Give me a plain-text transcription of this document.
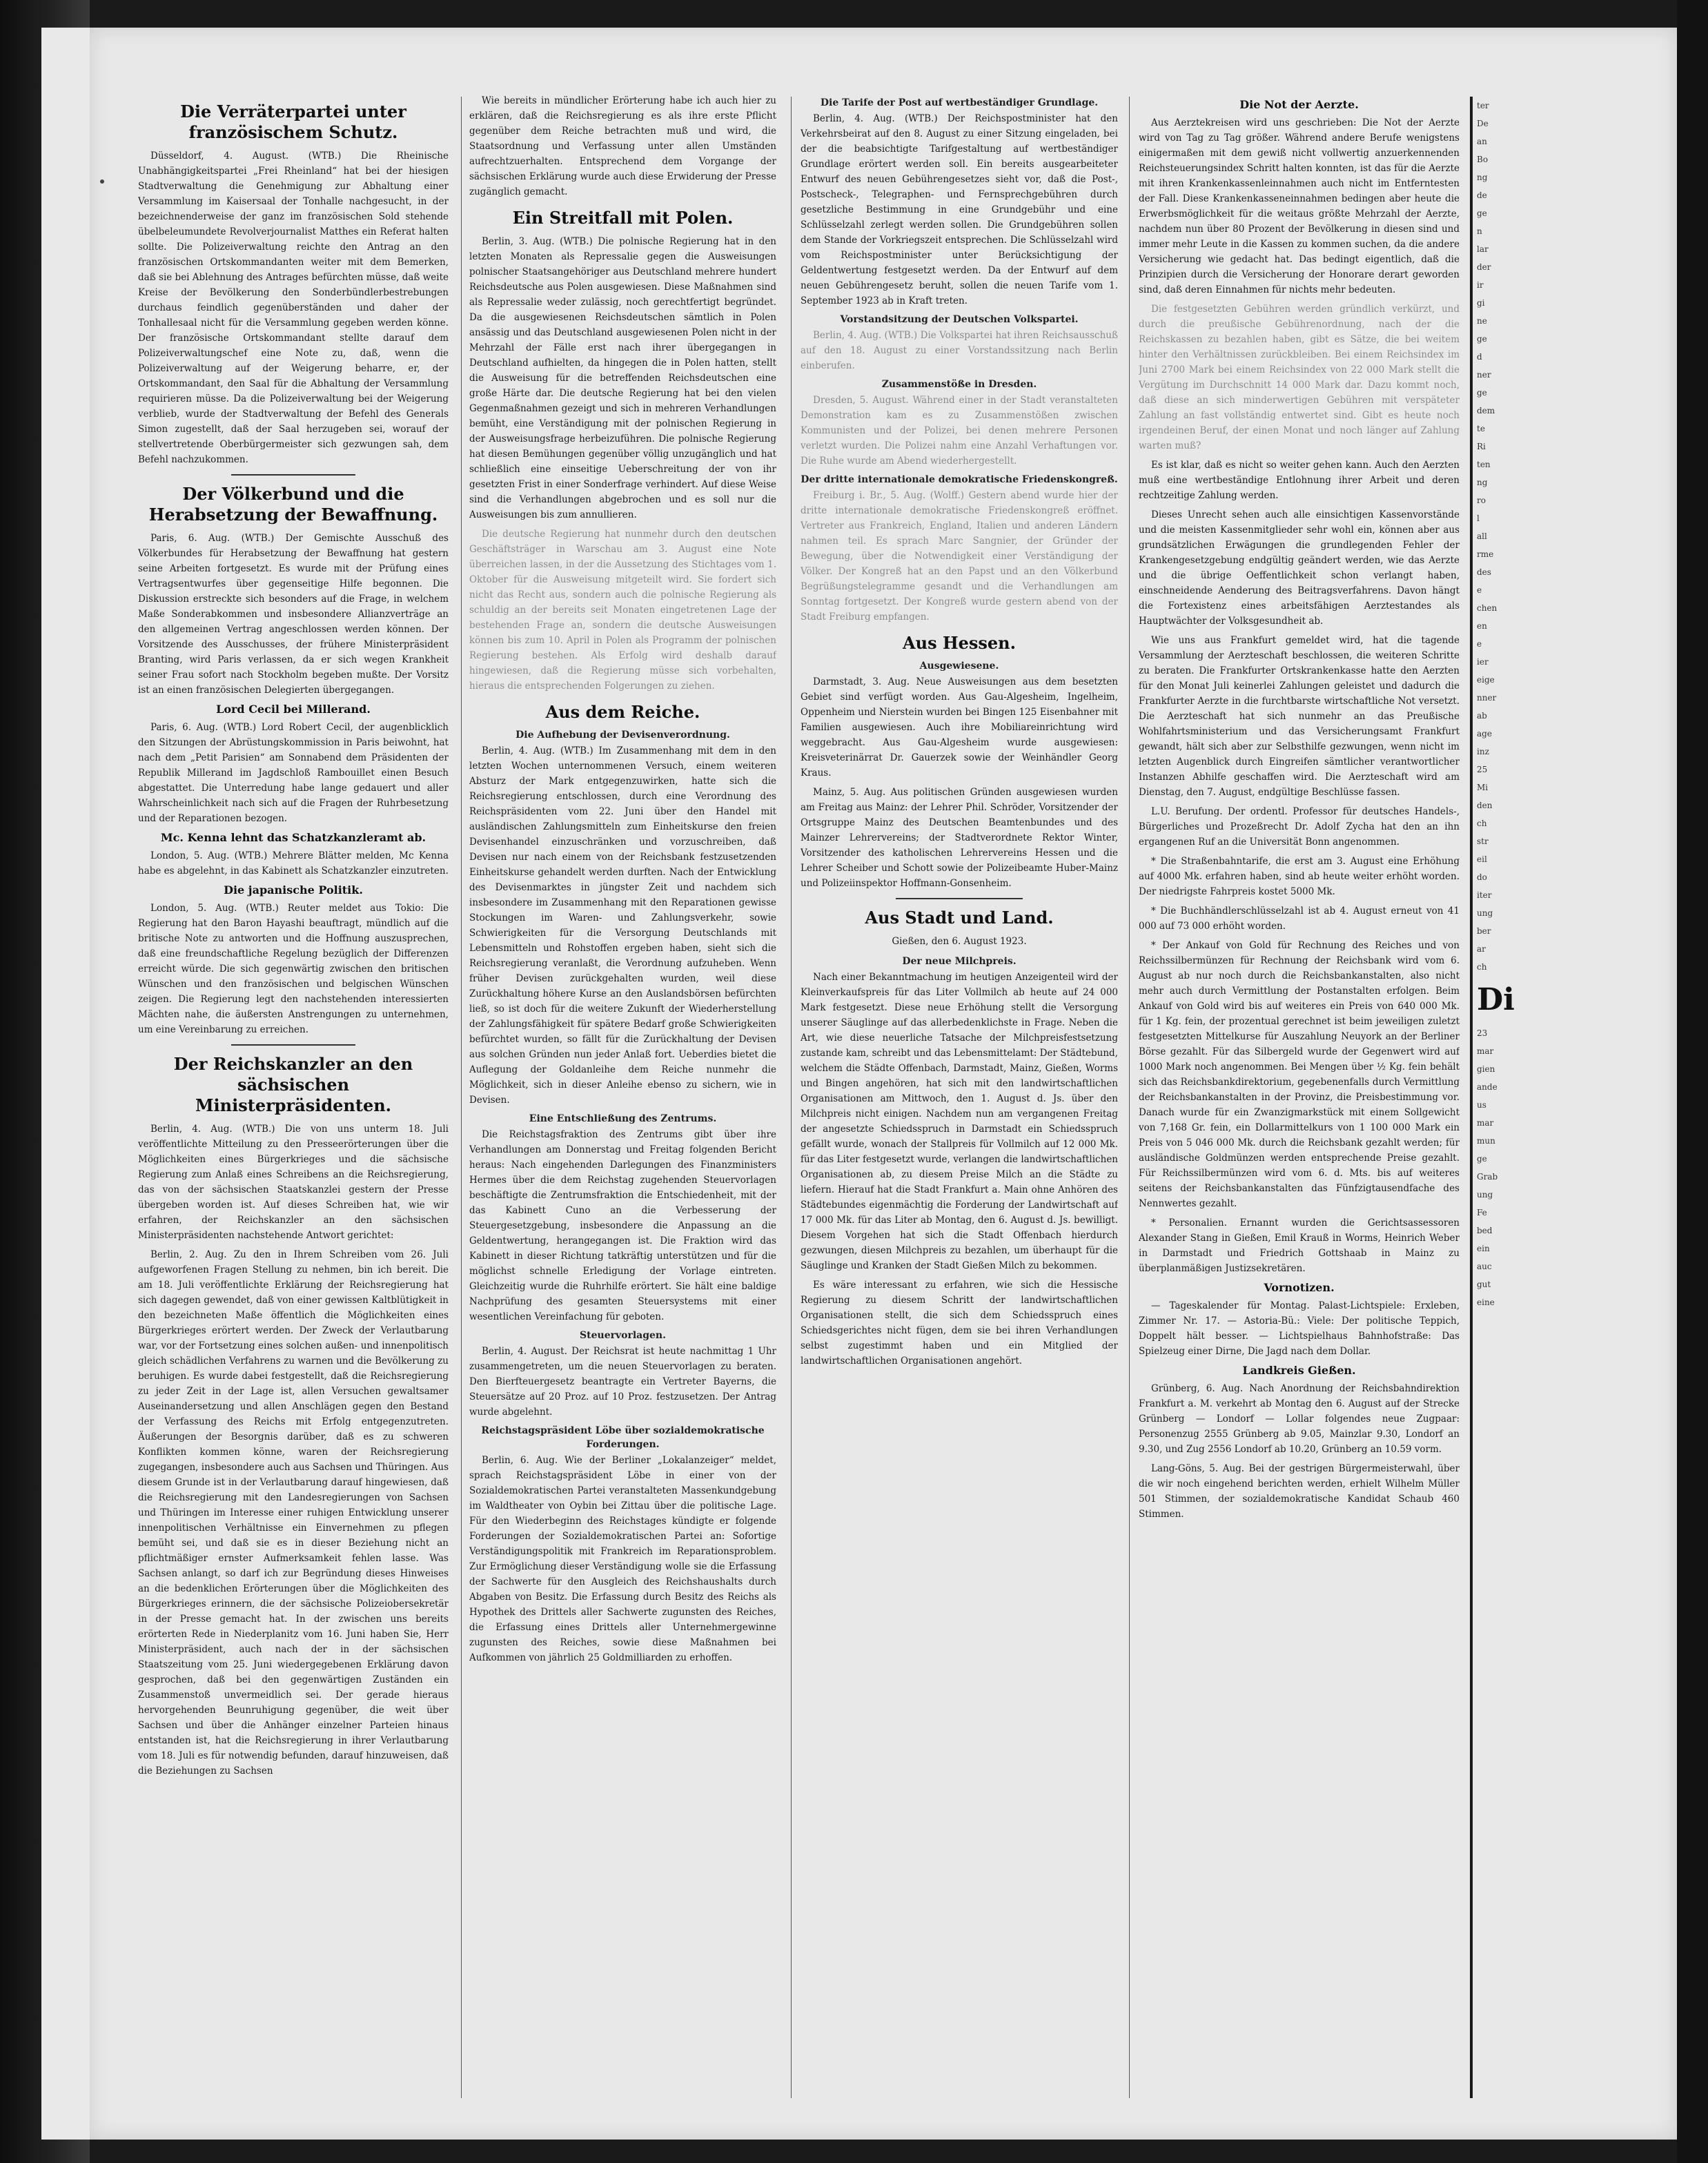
Die Verräterpartei unter französischem Schutz.

Düsseldorf, 4. August. (WTB.) Die Rheinische Unabhängigkeitspartei „Frei Rheinland“ hat bei der hiesigen Stadtverwaltung die Genehmigung zur Abhaltung einer Versammlung im Kaisersaal der Tonhalle nachgesucht, in der bezeichnenderweise der ganz im französischen Sold stehende übelbeleumundete Revolverjournalist Matthes ein Referat halten sollte. Die Polizeiverwaltung reichte den Antrag an den französischen Ortskommandanten weiter mit dem Bemerken, daß sie bei Ablehnung des Antrages befürchten müsse, daß weite Kreise der Bevölkerung den Sonderbündlerbestrebungen durchaus feindlich gegenüberständen und daher der Tonhallesaal nicht für die Versammlung gegeben werden könne. Der französische Ortskommandant stellte darauf dem Polizeiverwaltungschef eine Note zu, daß, wenn die Polizeiverwaltung auf der Weigerung beharre, er, der Ortskommandant, den Saal für die Abhaltung der Versammlung requirieren müsse. Da die Polizeiverwaltung bei der Weigerung verblieb, wurde der Stadtverwaltung der Befehl des Generals Simon zugestellt, daß der Saal herzugeben sei, worauf der stellvertretende Oberbürgermeister sich gezwungen sah, dem Befehl nachzukommen.

Der Völkerbund und die Herabsetzung der Bewaffnung.

Paris, 6. Aug. (WTB.) Der Gemischte Ausschuß des Völkerbundes für Herabsetzung der Bewaffnung hat gestern seine Arbeiten fortgesetzt. Es wurde mit der Prüfung eines Vertragsentwurfes über gegenseitige Hilfe begonnen. Die Diskussion erstreckte sich besonders auf die Frage, in welchem Maße Sonderabkommen und insbesondere Allianzverträge an den allgemeinen Vertrag angeschlossen werden können. Der Vorsitzende des Ausschusses, der frühere Ministerpräsident Branting, wird Paris verlassen, da er sich wegen Krankheit seiner Frau sofort nach Stockholm begeben mußte. Der Vorsitz ist an einen französischen Delegierten übergegangen.

Lord Cecil bei Millerand.

Paris, 6. Aug. (WTB.) Lord Robert Cecil, der augenblicklich den Sitzungen der Abrüstungskommission in Paris beiwohnt, hat nach dem „Petit Parisien“ am Sonnabend dem Präsidenten der Republik Millerand im Jagdschloß Rambouillet einen Besuch abgestattet. Die Unterredung habe lange gedauert und aller Wahrscheinlichkeit nach sich auf die Fragen der Ruhrbesetzung und der Reparationen bezogen.

Mc. Kenna lehnt das Schatzkanzleramt ab.

London, 5. Aug. (WTB.) Mehrere Blätter melden, Mc Kenna habe es abgelehnt, in das Kabinett als Schatzkanzler einzutreten.

Die japanische Politik.

London, 5. Aug. (WTB.) Reuter meldet aus Tokio: Die Regierung hat den Baron Hayashi beauftragt, mündlich auf die britische Note zu antworten und die Hoffnung auszusprechen, daß eine freundschaftliche Regelung bezüglich der Differenzen erreicht würde. Die sich gegenwärtig zwischen den britischen Wünschen und den französischen und belgischen Wünschen zeigen. Die Regierung legt den nachstehenden interessierten Mächten nahe, die äußersten Anstrengungen zu unternehmen, um eine Vereinbarung zu erreichen.

Der Reichskanzler an den sächsischen Ministerpräsidenten.

Berlin, 4. Aug. (WTB.) Die von uns unterm 18. Juli veröffentlichte Mitteilung zu den Presseerörterungen über die Möglichkeiten eines Bürgerkrieges und die sächsische Regierung zum Anlaß eines Schreibens an die Reichsregierung, das von der sächsischen Staatskanzlei gestern der Presse übergeben worden ist. Auf dieses Schreiben hat, wie wir erfahren, der Reichskanzler an den sächsischen Ministerpräsidenten nachstehende Antwort gerichtet:

Berlin, 2. Aug. Zu den in Ihrem Schreiben vom 26. Juli aufgeworfenen Fragen Stellung zu nehmen, bin ich bereit. Die am 18. Juli veröffentlichte Erklärung der Reichsregierung hat sich dagegen gewendet, daß von einer gewissen Kaltblütigkeit in den bezeichneten Maße öffentlich die Möglichkeiten eines Bürgerkrieges erörtert werden. Der Zweck der Verlautbarung war, vor der Fortsetzung eines solchen außen- und innenpolitisch gleich schädlichen Verfahrens zu warnen und die Bevölkerung zu beruhigen. Es wurde dabei festgestellt, daß die Reichsregierung zu jeder Zeit in der Lage ist, allen Versuchen gewaltsamer Auseinandersetzung und allen Anschlägen gegen den Bestand der Verfassung des Reichs mit Erfolg entgegenzutreten. Äußerungen der Besorgnis darüber, daß es zu schweren Konflikten kommen könne, waren der Reichsregierung zugegangen, insbesondere auch aus Sachsen und Thüringen. Aus diesem Grunde ist in der Verlautbarung darauf hingewiesen, daß die Reichsregierung mit den Landesregierungen von Sachsen und Thüringen im Interesse einer ruhigen Entwicklung unserer innenpolitischen Verhältnisse ein Einvernehmen zu pflegen bemüht sei, und daß sie es in dieser Beziehung nicht an pflichtmäßiger ernster Aufmerksamkeit fehlen lasse. Was Sachsen anlangt, so darf ich zur Begründung dieses Hinweises an die bedenklichen Erörterungen über die Möglichkeiten des Bürgerkrieges erinnern, die der sächsische Polizeiobersekretär in der Presse gemacht hat. In der zwischen uns bereits erörterten Rede in Niederplanitz vom 16. Juni haben Sie, Herr Ministerpräsident, auch nach der in der sächsischen Staatszeitung vom 25. Juni wiedergegebenen Erklärung davon gesprochen, daß bei den gegenwärtigen Zuständen ein Zusammenstoß unvermeidlich sei. Der gerade hieraus hervorgehenden Beunruhigung gegenüber, die weit über Sachsen und über die Anhänger einzelner Parteien hinaus entstanden ist, hat die Reichsregierung in ihrer Verlautbarung vom 18. Juli es für notwendig befunden, darauf hinzuweisen, daß die Beziehungen zu Sachsen

Wie bereits in mündlicher Erörterung habe ich auch hier zu erklären, daß die Reichsregierung es als ihre erste Pflicht gegenüber dem Reiche betrachten muß und wird, die Staatsordnung und Verfassung unter allen Umständen aufrechtzuerhalten. Entsprechend dem Vorgange der sächsischen Erklärung wurde auch diese Erwiderung der Presse zugänglich gemacht.

Ein Streitfall mit Polen.

Berlin, 3. Aug. (WTB.) Die polnische Regierung hat in den letzten Monaten als Repressalie gegen die Ausweisungen polnischer Staatsangehöriger aus Deutschland mehrere hundert Reichsdeutsche aus Polen ausgewiesen. Diese Maßnahmen sind als Repressalie weder zulässig, noch gerechtfertigt begründet. Da die ausgewiesenen Reichsdeutschen sämtlich in Polen ansässig und das Deutschland ausgewiesenen Polen nicht in der Mehrzahl der Fälle erst nach ihrer übergegangen in Deutschland aufhielten, da hingegen die in Polen hatten, stellt die Ausweisung für die betreffenden Reichsdeutschen eine große Härte dar. Die deutsche Regierung hat bei den vielen Gegenmaßnahmen gezeigt und sich in mehreren Verhandlungen bemüht, eine Verständigung mit der polnischen Regierung in der Ausweisungsfrage herbeizuführen. Die polnische Regierung hat diesen Bemühungen gegenüber völlig unzugänglich und hat schließlich eine einseitige Ueberschreitung der von ihr gesetzten Frist in einer Sonderfrage verhindert. Auf diese Weise sind die Verhandlungen abgebrochen und es soll nur die Ausweisungen bis zum annullieren.

Die deutsche Regierung hat nunmehr durch den deutschen Geschäftsträger in Warschau am 3. August eine Note überreichen lassen, in der die Aussetzung des Stichtages vom 1. Oktober für die Ausweisung mitgeteilt wird. Sie fordert sich nicht das Recht aus, sondern auch die polnische Regierung als schuldig an der bereits seit Monaten eingetretenen Lage der bestehenden Frage an, sondern die deutsche Ausweisungen können bis zum 10. April in Polen als Programm der polnischen Regierung bestehen. Als Erfolg wird deshalb darauf hingewiesen, daß die Regierung müsse sich vorbehalten, hieraus die entsprechenden Folgerungen zu ziehen.

Aus dem Reiche.
Die Aufhebung der Devisenverordnung.

Berlin, 4. Aug. (WTB.) Im Zusammenhang mit dem in den letzten Wochen unternommenen Versuch, einem weiteren Absturz der Mark entgegenzuwirken, hatte sich die Reichsregierung entschlossen, durch eine Verordnung des Reichspräsidenten vom 22. Juni über den Handel mit ausländischen Zahlungsmitteln zum Einheitskurse den freien Devisenhandel einzuschränken und vorzuschreiben, daß Devisen nur nach einem von der Reichsbank festzusetzenden Einheitskurse gehandelt werden durften. Nach der Entwicklung des Devisenmarktes in jüngster Zeit und nachdem sich insbesondere im Zusammenhang mit den Reparationen gewisse Stockungen im Waren- und Zahlungsverkehr, sowie Schwierigkeiten für die Versorgung Deutschlands mit Lebensmitteln und Rohstoffen ergeben haben, sieht sich die Reichsregierung veranlaßt, die Verordnung aufzuheben. Wenn früher Devisen zurückgehalten wurden, weil diese Zurückhaltung höhere Kurse an den Auslandsbörsen befürchten ließ, so ist doch für die weitere Zukunft der Wiederherstellung der Zahlungsfähigkeit für spätere Bedarf große Schwierigkeiten befürchtet wurden, so fällt für die Zurückhaltung der Devisen aus solchen Gründen nun jeder Anlaß fort. Ueberdies bietet die Auflegung der Goldanleihe dem Reiche nunmehr die Möglichkeit, sich in dieser Anleihe ebenso zu sichern, wie in Devisen.

Eine Entschließung des Zentrums.

Die Reichstagsfraktion des Zentrums gibt über ihre Verhandlungen am Donnerstag und Freitag folgenden Bericht heraus: Nach eingehenden Darlegungen des Finanzministers Hermes über die dem Reichstag zugehenden Steuervorlagen beschäftigte die Zentrumsfraktion die Entschiedenheit, mit der das Kabinett Cuno an die Verbesserung der Steuergesetzgebung, insbesondere die Anpassung an die Geldentwertung, herangegangen ist. Die Fraktion wird das Kabinett in dieser Richtung tatkräftig unterstützen und für die möglichst schnelle Erledigung der Vorlage eintreten. Gleichzeitig wurde die Ruhrhilfe erörtert. Sie hält eine baldige Nachprüfung des gesamten Steuersystems mit einer wesentlichen Vereinfachung für geboten.

Steuervorlagen.

Berlin, 4. August. Der Reichsrat ist heute nachmittag 1 Uhr zusammengetreten, um die neuen Steuervorlagen zu beraten. Den Bierfteuergesetz beantragte ein Vertreter Bayerns, die Steuersätze auf 20 Proz. auf 10 Proz. festzusetzen. Der Antrag wurde abgelehnt.

Reichstagspräsident Löbe über sozialdemokratische Forderungen.

Berlin, 6. Aug. Wie der Berliner „Lokalanzeiger“ meldet, sprach Reichstagspräsident Löbe in einer von der Sozialdemokratischen Partei veranstalteten Massenkundgebung im Waldtheater von Oybin bei Zittau über die politische Lage. Für den Wiederbeginn des Reichstages kündigte er folgende Forderungen der Sozialdemokratischen Partei an: Sofortige Verständigungspolitik mit Frankreich im Reparationsproblem. Zur Ermöglichung dieser Verständigung wolle sie die Erfassung der Sachwerte für den Ausgleich des Reichshaushalts durch Abgaben von Besitz. Die Erfassung durch Besitz des Reichs als Hypothek des Drittels aller Sachwerte zugunsten des Reiches, die Erfassung eines Drittels aller Unternehmergewinne zugunsten des Reiches, sowie diese Maßnahmen bei Aufkommen von jährlich 25 Goldmilliarden zu erhoffen.

Die Tarife der Post auf wertbeständiger Grundlage.

Berlin, 4. Aug. (WTB.) Der Reichspostminister hat den Verkehrsbeirat auf den 8. August zu einer Sitzung eingeladen, bei der die beabsichtigte Tarifgestaltung auf wertbeständiger Grundlage erörtert werden soll. Ein bereits ausgearbeiteter Entwurf des neuen Gebührengesetzes sieht vor, daß die Post-, Postscheck-, Telegraphen- und Fernsprechgebühren durch gesetzliche Bestimmung in eine Grundgebühr und eine Schlüsselzahl zerlegt werden sollen. Die Grundgebühren sollen dem Stande der Vorkriegszeit entsprechen. Die Schlüsselzahl wird vom Reichspostminister unter Berücksichtigung der Geldentwertung festgesetzt werden. Da der Entwurf auf dem neuen Gebührengesetz beruht, sollen die neuen Tarife vom 1. September 1923 ab in Kraft treten.

Vorstandsitzung der Deutschen Volkspartei.

Berlin, 4. Aug. (WTB.) Die Volkspartei hat ihren Reichsausschuß auf den 18. August zu einer Vorstandssitzung nach Berlin einberufen.

Zusammenstöße in Dresden.

Dresden, 5. August. Während einer in der Stadt veranstalteten Demonstration kam es zu Zusammenstößen zwischen Kommunisten und der Polizei, bei denen mehrere Personen verletzt wurden. Die Polizei nahm eine Anzahl Verhaftungen vor. Die Ruhe wurde am Abend wiederhergestellt.

Der dritte internationale demokratische Friedenskongreß.

Freiburg i. Br., 5. Aug. (Wolff.) Gestern abend wurde hier der dritte internationale demokratische Friedenskongreß eröffnet. Vertreter aus Frankreich, England, Italien und anderen Ländern nahmen teil. Es sprach Marc Sangnier, der Gründer der Bewegung, über die Notwendigkeit einer Verständigung der Völker. Der Kongreß hat an den Papst und an den Völkerbund Begrüßungstelegramme gesandt und die Verhandlungen am Sonntag fortgesetzt. Der Kongreß wurde gestern abend von der Stadt Freiburg empfangen.

Aus Hessen.
Ausgewiesene.

Darmstadt, 3. Aug. Neue Ausweisungen aus dem besetzten Gebiet sind verfügt worden. Aus Gau-Algesheim, Ingelheim, Oppenheim und Nierstein wurden bei Bingen 125 Eisenbahner mit Familien ausgewiesen. Auch ihre Mobiliareinrichtung wird weggebracht. Aus Gau-Algesheim wurde ausgewiesen: Kreisveterinärrat Dr. Gauerzek sowie der Weinhändler Georg Kraus.

Mainz, 5. Aug. Aus politischen Gründen ausgewiesen wurden am Freitag aus Mainz: der Lehrer Phil. Schröder, Vorsitzender der Ortsgruppe Mainz des Deutschen Beamtenbundes und des Mainzer Lehrervereins; der Stadtverordnete Rektor Winter, Vorsitzender des katholischen Lehrervereins Hessen und die Lehrer Scheiber und Schott sowie der Polizeibeamte Huber-Mainz und Polizeiinspektor Hoffmann-Gonsenheim.

Aus Stadt und Land.
Gießen, den 6. August 1923.
Der neue Milchpreis.

Nach einer Bekanntmachung im heutigen Anzeigenteil wird der Kleinverkaufspreis für das Liter Vollmilch ab heute auf 24 000 Mark festgesetzt. Diese neue Erhöhung stellt die Versorgung unserer Säuglinge auf das allerbedenklichste in Frage. Neben die Art, wie diese neuerliche Tatsache der Milchpreisfestsetzung zustande kam, schreibt und das Lebensmittelamt: Der Städtebund, welchem die Städte Offenbach, Darmstadt, Mainz, Gießen, Worms und Bingen angehören, hat sich mit den landwirtschaftlichen Organisationen am Mittwoch, den 1. August d. Js. über den Milchpreis nicht einigen. Nachdem nun am vergangenen Freitag der angesetzte Schiedsspruch in Darmstadt ein Schiedsspruch gefällt wurde, wonach der Stallpreis für Vollmilch auf 12 000 Mk. für das Liter festgesetzt wurde, verlangen die landwirtschaftlichen Organisationen ab, zu diesem Preise Milch an die Städte zu liefern. Hierauf hat die Stadt Frankfurt a. Main ohne Anhören des Städtebundes eigenmächtig die Forderung der Landwirtschaft auf 17 000 Mk. für das Liter ab Montag, den 6. August d. Js. bewilligt. Diesem Vorgehen hat sich die Stadt Offenbach hierdurch gezwungen, diesen Milchpreis zu bezahlen, um überhaupt für die Säuglinge und Kranken der Stadt Gießen Milch zu bekommen.

Es wäre interessant zu erfahren, wie sich die Hessische Regierung zu diesem Schritt der landwirtschaftlichen Organisationen stellt, die sich dem Schiedsspruch eines Schiedsgerichtes nicht fügen, dem sie bei ihren Verhandlungen selbst zugestimmt haben und ein Mitglied der landwirtschaftlichen Organisationen angehört.

Die Not der Aerzte.

Aus Aerztekreisen wird uns geschrieben: Die Not der Aerzte wird von Tag zu Tag größer. Während andere Berufe wenigstens einigermaßen mit dem gewiß nicht vollwertig anzuerkennenden Reichsteuerungsindex Schritt halten konnten, ist das für die Aerzte mit ihren Krankenkassenleinnahmen auch nicht im Entferntesten der Fall. Diese Krankenkasseneinnahmen bedingen aber heute die Erwerbsmöglichkeit für die weitaus größte Mehrzahl der Aerzte, nachdem nun über 80 Prozent der Bevölkerung in diesen sind und immer mehr Leute in die Kassen zu kommen suchen, da die andere Versicherung wie gedacht hat. Das bedingt eigentlich, daß die Prinzipien durch die Versicherung der Honorare derart geworden sind, daß deren Einnahmen für nichts mehr bedeuten.

Die festgesetzten Gebühren werden gründlich verkürzt, und durch die preußische Gebührenordnung, nach der die Reichskassen zu bezahlen haben, gibt es Sätze, die bei weitem hinter den Verhältnissen zurückbleiben. Bei einem Reichsindex im Juni 2700 Mark bei einem Reichsindex von 22 000 Mark stellt die Vergütung im Durchschnitt 14 000 Mark dar. Dazu kommt noch, daß diese an sich minderwertigen Gebühren mit verspäteter Zahlung an fast vollständig entwertet sind. Gibt es heute noch irgendeinen Beruf, der einen Monat und noch länger auf Zahlung warten muß?

Es ist klar, daß es nicht so weiter gehen kann. Auch den Aerzten muß eine wertbeständige Entlohnung ihrer Arbeit und deren rechtzeitige Zahlung werden.

Dieses Unrecht sehen auch alle einsichtigen Kassenvorstände und die meisten Kassenmitglieder sehr wohl ein, können aber aus grundsätzlichen Erwägungen die grundlegenden Fehler der Krankengesetzgebung endgültig geändert werden, wie das Aerzte und die übrige Oeffentlichkeit schon verlangt haben, einschneidende Aenderung des Beitragsverfahrens. Davon hängt die Fortexistenz eines arbeitsfähigen Aerztestandes als Hauptwächter der Volksgesundheit ab.

Wie uns aus Frankfurt gemeldet wird, hat die tagende Versammlung der Aerzteschaft beschlossen, die weiteren Schritte zu beraten. Die Frankfurter Ortskrankenkasse hatte den Aerzten für den Monat Juli keinerlei Zahlungen geleistet und dadurch die Frankfurter Aerzte in die furchtbarste wirtschaftliche Not versetzt. Die Aerzteschaft hat sich nunmehr an das Preußische Wohlfahrtsministerium und das Versicherungsamt Frankfurt gewandt, hält sich aber zur Selbsthilfe gezwungen, wenn nicht im letzten Augenblick durch Eingreifen sämtlicher verantwortlicher Instanzen Abhilfe geschaffen wird. Die Aerzteschaft wird am Dienstag, den 7. August, endgültige Beschlüsse fassen.

L.U. Berufung. Der ordentl. Professor für deutsches Handels-, Bürgerliches und Prozeßrecht Dr. Adolf Zycha hat den an ihn ergangenen Ruf an die Universität Bonn angenommen.

* Die Straßenbahntarife, die erst am 3. August eine Erhöhung auf 4000 Mk. erfahren haben, sind ab heute weiter erhöht worden. Der niedrigste Fahrpreis kostet 5000 Mk.

* Die Buchhändlerschlüsselzahl ist ab 4. August erneut von 41 000 auf 73 000 erhöht worden.

* Der Ankauf von Gold für Rechnung des Reiches und von Reichssilbermünzen für Rechnung der Reichsbank wird vom 6. August ab nur noch durch die Reichsbankanstalten, also nicht mehr auch durch Vermittlung der Postanstalten erfolgen. Beim Ankauf von Gold wird bis auf weiteres ein Preis von 640 000 Mk. für 1 Kg. fein, der prozentual gerechnet ist beim jeweiligen zuletzt festgesetzten Mittelkurse für Auszahlung Neuyork an der Berliner Börse gezahlt. Für das Silbergeld wurde der Gegenwert wird auf 1000 Mark noch angenommen. Bei Mengen über ½ Kg. fein behält sich das Reichsbankdirektorium, gegebenenfalls durch Vermittlung der Reichsbankanstalten in der Provinz, die Preisbestimmung vor. Danach wurde für ein Zwanzigmarkstück mit einem Sollgewicht von 7,168 Gr. fein, ein Dollarmittelkurs von 1 100 000 Mark ein Preis von 5 046 000 Mk. durch die Reichsbank gezahlt werden; für ausländische Goldmünzen werden entsprechende Preise gezahlt. Für Reichssilbermünzen wird vom 6. d. Mts. bis auf weiteres seitens der Reichsbankanstalten das Fünfzigtausendfache des Nennwertes gezahlt.

* Personalien. Ernannt wurden die Gerichtsassessoren Alexander Stang in Gießen, Emil Krauß in Worms, Heinrich Weber in Darmstadt und Friedrich Gottshaab in Mainz zu überplanmäßigen Justizsekretären.

Vornotizen.

— Tageskalender für Montag. Palast-Lichtspiele: Erxleben, Zimmer Nr. 17. — Astoria-Bü.: Viele: Der politische Teppich, Doppelt hält besser. — Lichtspielhaus Bahnhofstraße: Das Spielzeug einer Dirne, Die Jagd nach dem Dollar.

Landkreis Gießen.

Grünberg, 6. Aug. Nach Anordnung der Reichsbahndirektion Frankfurt a. M. verkehrt ab Montag den 6. August auf der Strecke Grünberg — Londorf — Lollar folgendes neue Zugpaar: Personenzug 2555 Grünberg ab 9.05, Mainzlar 9.30, Londorf an 9.30, und Zug 2556 Londorf ab 10.20, Grünberg an 10.59 vorm.

Lang-Göns, 5. Aug. Bei der gestrigen Bürgermeisterwahl, über die wir noch eingehend berichten werden, erhielt Wilhelm Müller 501 Stimmen, der sozialdemokratische Kandidat Schaub 460 Stimmen.

ter
De
an
Bo
ng
de
ge
n
lar
der
ir
gi
ne
ge
d
ner
ge
dem
te
Ri
ten
ng
ro
l
all
rme
des
e
chen
en
e
ier
eige
nner
ab
age
inz
25
Mi
den
ch
str
eil
do
iter
ung
ber
ar
ch
Di
23
mar
gien
ande
us
mar
mun
ge
Grab
ung
Fe
bed
ein
auc
gut
eine
